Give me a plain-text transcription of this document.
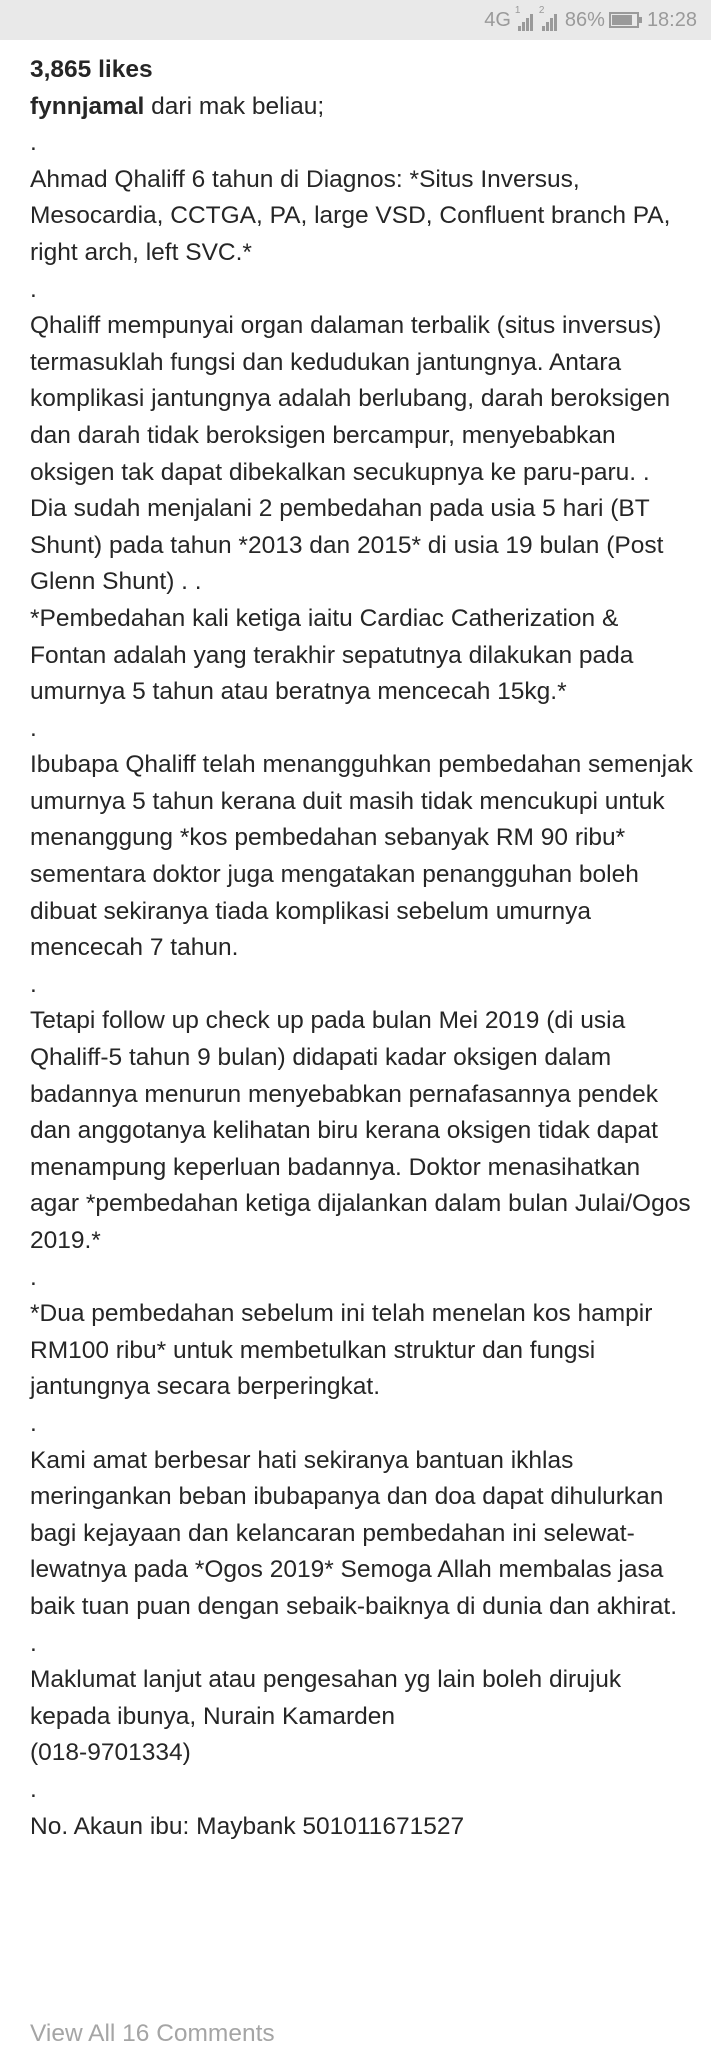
4G 1 2 86% 18:28
3,865 likes
fynnjamal dari mak beliau;

.

Ahmad Qhaliff 6 tahun di Diagnos: *Situs Inversus, Mesocardia, CCTGA, PA, large VSD, Confluent branch PA, right arch, left SVC.*

.

Qhaliff mempunyai organ dalaman terbalik (situs inversus) termasuklah fungsi dan kedudukan jantungnya. Antara komplikasi jantungnya adalah berlubang, darah beroksigen dan darah tidak beroksigen bercampur, menyebabkan oksigen tak dapat dibekalkan secukupnya ke paru-paru. .
Dia sudah menjalani 2 pembedahan pada usia 5 hari (BT Shunt) pada tahun *2013 dan 2015* di usia 19 bulan (Post Glenn Shunt) . .
*Pembedahan kali ketiga iaitu Cardiac Catherization & Fontan adalah yang terakhir sepatutnya dilakukan pada umurnya 5 tahun atau beratnya mencecah 15kg.*

.

Ibubapa Qhaliff telah menangguhkan pembedahan semenjak umurnya 5 tahun kerana duit masih tidak mencukupi untuk menanggung *kos pembedahan sebanyak RM 90 ribu* sementara doktor juga mengatakan penangguhan boleh dibuat sekiranya tiada komplikasi sebelum umurnya mencecah 7 tahun.

.

Tetapi follow up check up pada bulan Mei 2019 (di usia Qhaliff-5 tahun 9 bulan) didapati kadar oksigen dalam badannya menurun menyebabkan pernafasannya pendek dan anggotanya kelihatan biru kerana oksigen tidak dapat menampung keperluan badannya. Doktor menasihatkan agar *pembedahan ketiga dijalankan dalam bulan Julai/Ogos 2019.*

.

*Dua pembedahan sebelum ini telah menelan kos hampir RM100 ribu* untuk membetulkan struktur dan fungsi jantungnya secara berperingkat.

.

Kami amat berbesar hati sekiranya bantuan ikhlas meringankan beban ibubapanya dan doa dapat dihulurkan bagi kejayaan dan kelancaran pembedahan ini selewat-lewatnya pada *Ogos 2019* Semoga Allah membalas jasa baik tuan puan dengan sebaik-baiknya di dunia dan akhirat.

.

Maklumat lanjut atau pengesahan yg lain boleh dirujuk kepada ibunya, Nurain Kamarden
(018-9701334)

.

No. Akaun ibu: Maybank 501011671527

View All 16 Comments
